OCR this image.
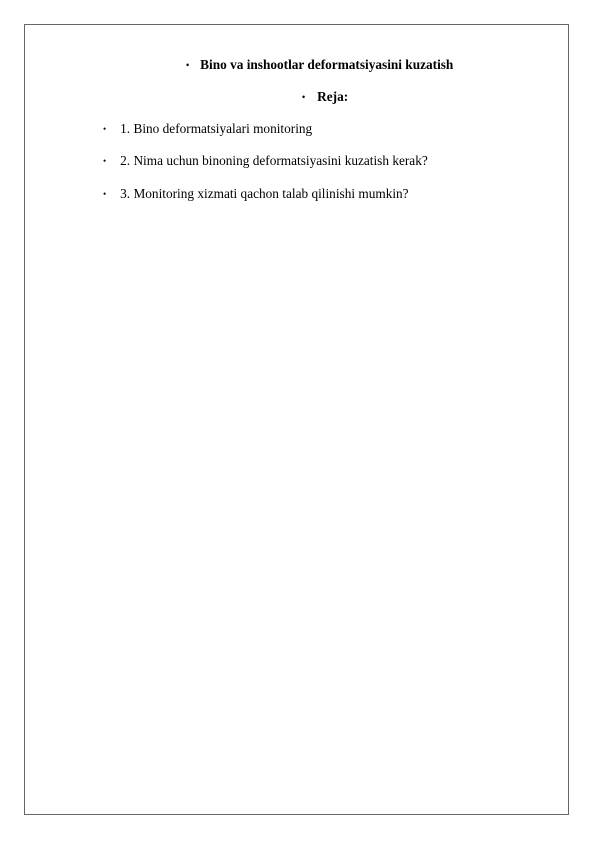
• Bino va inshootlar deformatsiyasini kuzatish
• Reja:
• 1. Bino deformatsiyalari monitoring
• 2. Nima uchun binoning deformatsiyasini kuzatish kerak?
• 3. Monitoring xizmati qachon talab qilinishi mumkin?
